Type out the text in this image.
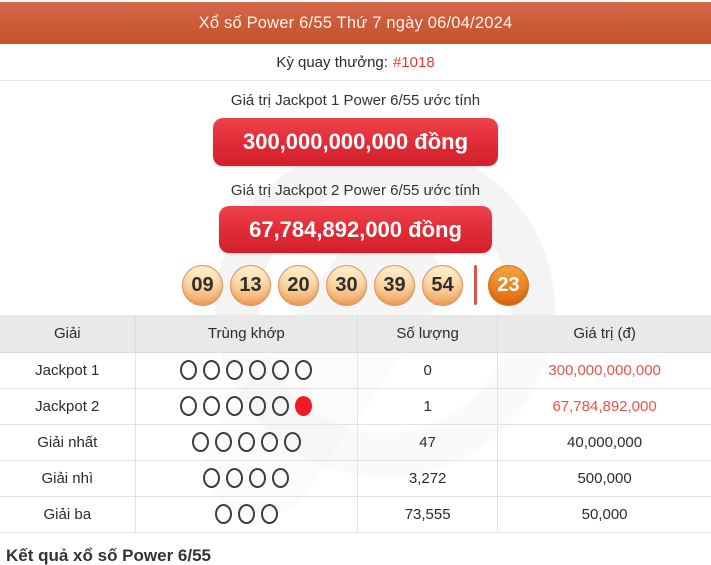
Xổ số Power 6/55 Thứ 7 ngày 06/04/2024
Kỳ quay thưởng: #1018
Giá trị Jackpot 1 Power 6/55 ước tính
300,000,000,000 đồng
Giá trị Jackpot 2 Power 6/55 ước tính
67,784,892,000 đồng
09	13	20	30	39	54	23
Giải	Trùng khớp	Số lượng	Giá trị (đ)
Jackpot 1		0	300,000,000,000
Jackpot 2		1	67,784,892,000
Giải nhất		47	40,000,000
Giải nhì		3,272	500,000
Giải ba		73,555	50,000
Kết quả xổ số Power 6/55
